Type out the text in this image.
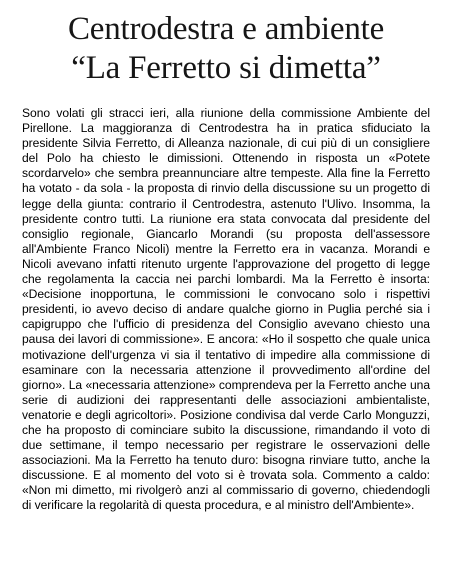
Centrodestra e ambiente
“La Ferretto si dimetta”

Sono volati gli stracci ieri, alla riunione della commissione Ambiente del Pirellone. La maggioranza di Centrodestra ha in pratica sfiduciato la presidente Silvia Ferretto, di Alleanza nazionale, di cui più di un consigliere del Polo ha chiesto le dimissioni. Ottenendo in risposta un «Potete scordarvelo» che sembra preannunciare altre tempeste. Alla fine la Ferretto ha votato - da sola - la proposta di rinvio della discussione su un progetto di legge della giunta: contrario il Centrodestra, astenuto l'Ulivo. Insomma, la presidente contro tutti. La riunione era stata convocata dal presidente del consiglio regionale, Giancarlo Morandi (su proposta dell'assessore all'Ambiente Franco Nicoli) mentre la Ferretto era in vacanza. Morandi e Nicoli avevano infatti ritenuto urgente l'approvazione del progetto di legge che regolamenta la caccia nei parchi lombardi. Ma la Ferretto è insorta: «Decisione inopportuna, le commissioni le convocano solo i rispettivi presidenti, io avevo deciso di andare qualche giorno in Puglia perché sia i capigruppo che l'ufficio di presidenza del Consiglio avevano chiesto una pausa dei lavori di commissione». E ancora: «Ho il sospetto che quale unica motivazione dell'urgenza vi sia il tentativo di impedire alla commissione di esaminare con la necessaria attenzione il provvedimento all'ordine del giorno». La «necessaria attenzione» comprendeva per la Ferretto anche una serie di audizioni dei rappresentanti delle associazioni ambientaliste, venatorie e degli agricoltori». Posizione condivisa dal verde Carlo Monguzzi, che ha proposto di cominciare subito la discussione, rimandando il voto di due settimane, il tempo necessario per registrare le osservazioni delle associazioni. Ma la Ferretto ha tenuto duro: bisogna rinviare tutto, anche la discussione. E al momento del voto si è trovata sola. Commento a caldo: «Non mi dimetto, mi rivolgerò anzi al commissario di governo, chiedendogli di verificare la regolarità di questa procedura, e al ministro dell'Ambiente».
